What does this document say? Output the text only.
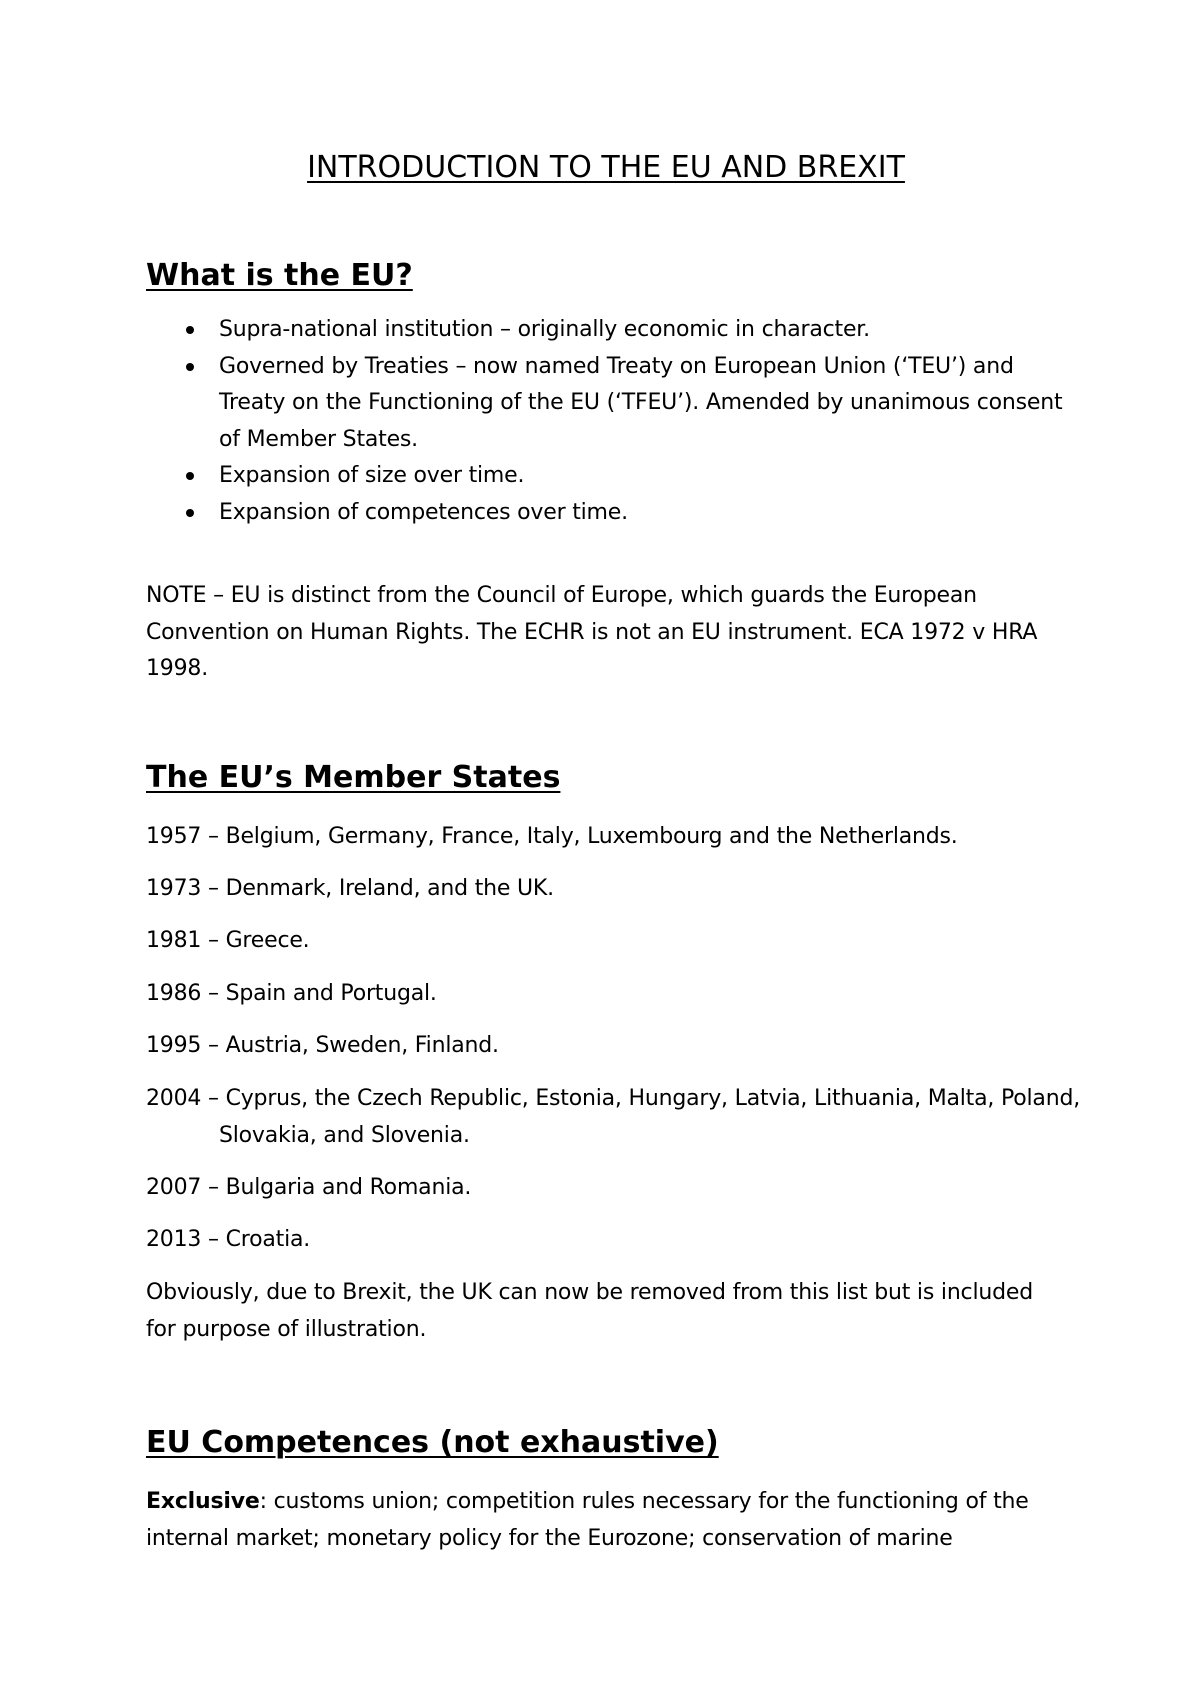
INTRODUCTION TO THE EU AND BREXIT
What is the EU?
Supra-national institution – originally economic in character.
Governed by Treaties – now named Treaty on European Union (‘TEU’) and Treaty on the Functioning of the EU (‘TFEU’). Amended by unanimous consent of Member States.
Expansion of size over time.
Expansion of competences over time.

NOTE – EU is distinct from the Council of Europe, which guards the European Convention on Human Rights. The ECHR is not an EU instrument. ECA 1972 v HRA 1998.

The EU’s Member States

1957 – Belgium, Germany, France, Italy, Luxembourg and the Netherlands.

1973 – Denmark, Ireland, and the UK.

1981 – Greece.

1986 – Spain and Portugal.

1995 – Austria, Sweden, Finland.

2004 – Cyprus, the Czech Republic, Estonia, Hungary, Latvia, Lithuania, Malta, Poland, Slovakia, and Slovenia.

2007 – Bulgaria and Romania.

2013 – Croatia.

Obviously, due to Brexit, the UK can now be removed from this list but is included for purpose of illustration.

EU Competences (not exhaustive)

Exclusive: customs union; competition rules necessary for the functioning of the internal market; monetary policy for the Eurozone; conservation of marine
